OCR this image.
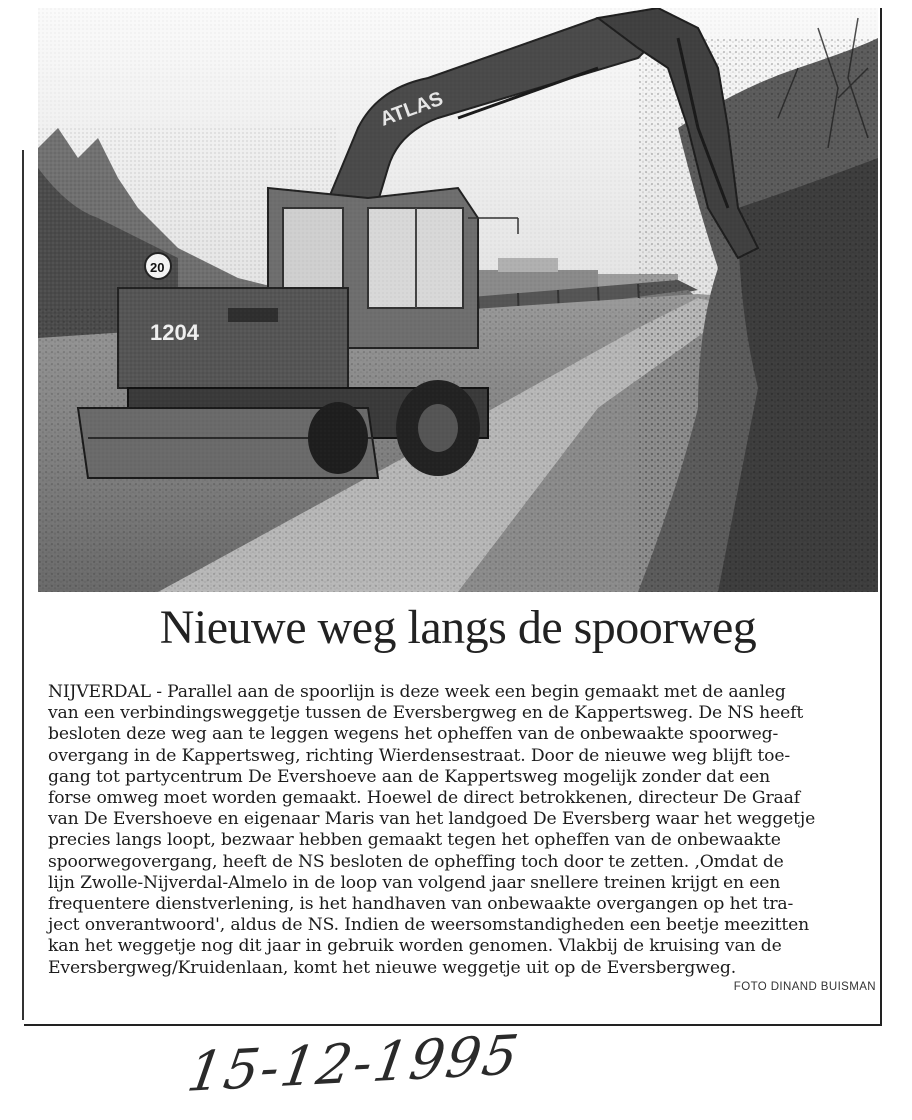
ATLAS
1204
20
Nieuwe weg langs de spoorweg
NIJVERDAL - Parallel aan de spoorlijn is deze week een begin gemaakt met de aanleg
van een verbindingsweggetje tussen de Eversbergweg en de Kappertsweg. De NS heeft
besloten deze weg aan te leggen wegens het opheffen van de onbewaakte spoorweg-
overgang in de Kappertsweg, richting Wierdensestraat. Door de nieuwe weg blijft toe-
gang tot partycentrum De Evershoeve aan de Kappertsweg mogelijk zonder dat een
forse omweg moet worden gemaakt. Hoewel de direct betrokkenen, directeur De Graaf
van De Evershoeve en eigenaar Maris van het landgoed De Eversberg waar het weggetje
precies langs loopt, bezwaar hebben gemaakt tegen het opheffen van de onbewaakte
spoorwegovergang, heeft de NS besloten de opheffing toch door te zetten. ‚Omdat de
lijn Zwolle-Nijverdal-Almelo in de loop van volgend jaar snellere treinen krijgt en een
frequentere dienstverlening, is het handhaven van onbewaakte overgangen op het tra-
ject onverantwoord', aldus de NS. Indien de weersomstandigheden een beetje meezitten
kan het weggetje nog dit jaar in gebruik worden genomen. Vlakbij de kruising van de
Eversbergweg/Kruidenlaan, komt het nieuwe weggetje uit op de Eversbergweg.
FOTO DINAND BUISMAN
15-12-1995
